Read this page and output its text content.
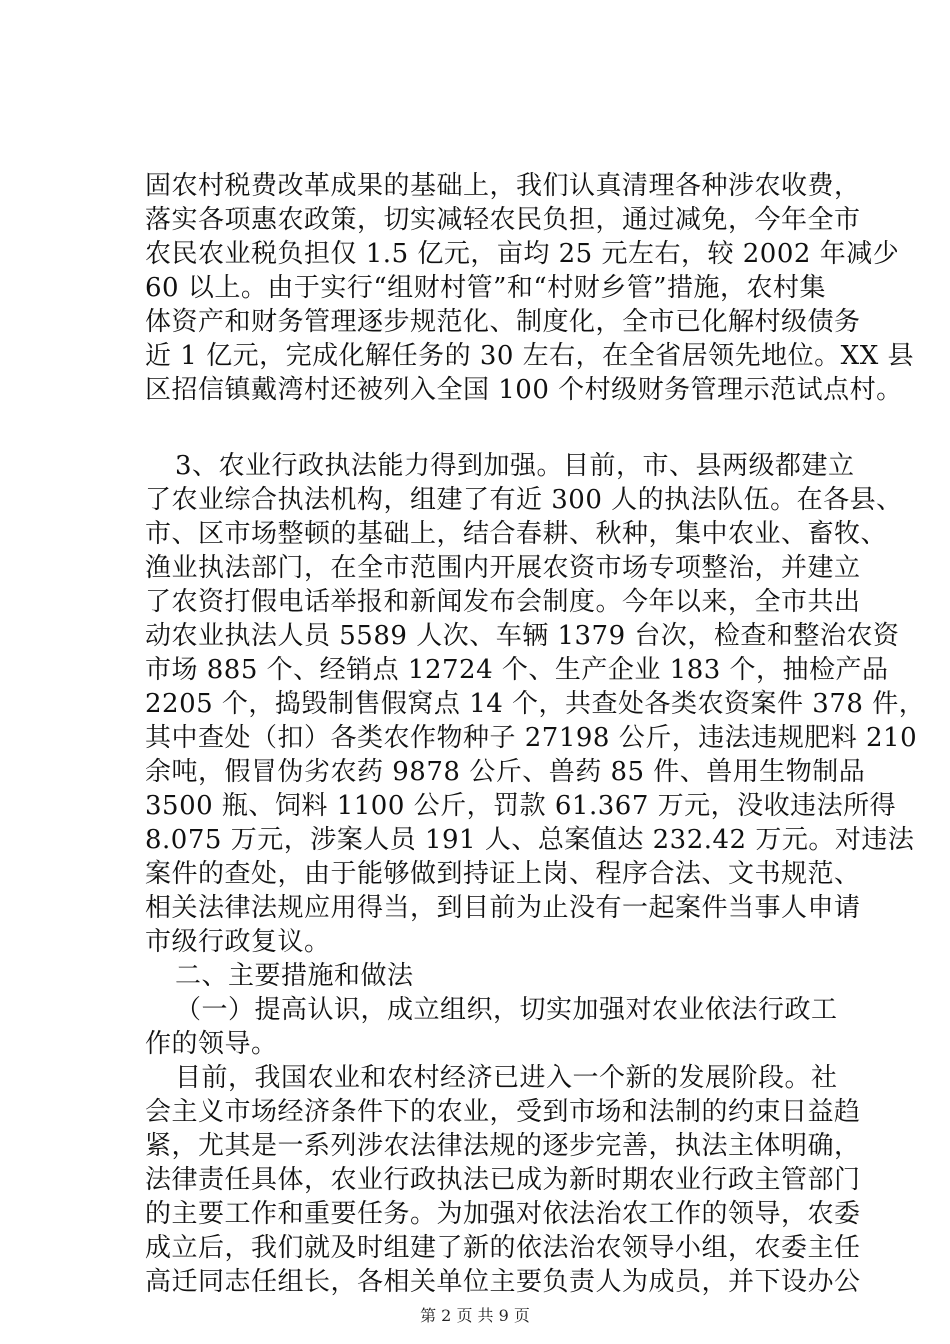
固农村税费改革成果的基础上，我们认真清理各种涉农收费，
落实各项惠农政策，切实减轻农民负担，通过减免，今年全市
农民农业税负担仅 1.5 亿元，亩均 25 元左右，较 2002 年减少
60 以上。由于实行“组财村管”和“村财乡管”措施，农村集
体资产和财务管理逐步规范化、制度化，全市已化解村级债务
近 1 亿元，完成化解任务的 30 左右，在全省居领先地位。XX 县
区招信镇戴湾村还被列入全国 100 个村级财务管理示范试点村。
3、农业行政执法能力得到加强。目前，市、县两级都建立
了农业综合执法机构，组建了有近 300 人的执法队伍。在各县、
市、区市场整顿的基础上，结合春耕、秋种，集中农业、畜牧、
渔业执法部门，在全市范围内开展农资市场专项整治，并建立
了农资打假电话举报和新闻发布会制度。今年以来，全市共出
动农业执法人员 5589 人次、车辆 1379 台次，检查和整治农资
市场 885 个、经销点 12724 个、生产企业 183 个，抽检产品
2205 个，捣毁制售假窝点 14 个，共查处各类农资案件 378 件，
其中查处（扣）各类农作物种子 27198 公斤，违法违规肥料 210
余吨，假冒伪劣农药 9878 公斤、兽药 85 件、兽用生物制品
3500 瓶、饲料 1100 公斤，罚款 61.367 万元，没收违法所得
8.075 万元，涉案人员 191 人、总案值达 232.42 万元。对违法
案件的查处，由于能够做到持证上岗、程序合法、文书规范、
相关法律法规应用得当，到目前为止没有一起案件当事人申请
市级行政复议。
二、主要措施和做法
（一）提高认识，成立组织，切实加强对农业依法行政工
作的领导。
目前，我国农业和农村经济已进入一个新的发展阶段。社
会主义市场经济条件下的农业，受到市场和法制的约束日益趋
紧，尤其是一系列涉农法律法规的逐步完善，执法主体明确，
法律责任具体，农业行政执法已成为新时期农业行政主管部门
的主要工作和重要任务。为加强对依法治农工作的领导，农委
成立后，我们就及时组建了新的依法治农领导小组，农委主任
高迁同志任组长，各相关单位主要负责人为成员，并下设办公
第 2 页 共 9 页
